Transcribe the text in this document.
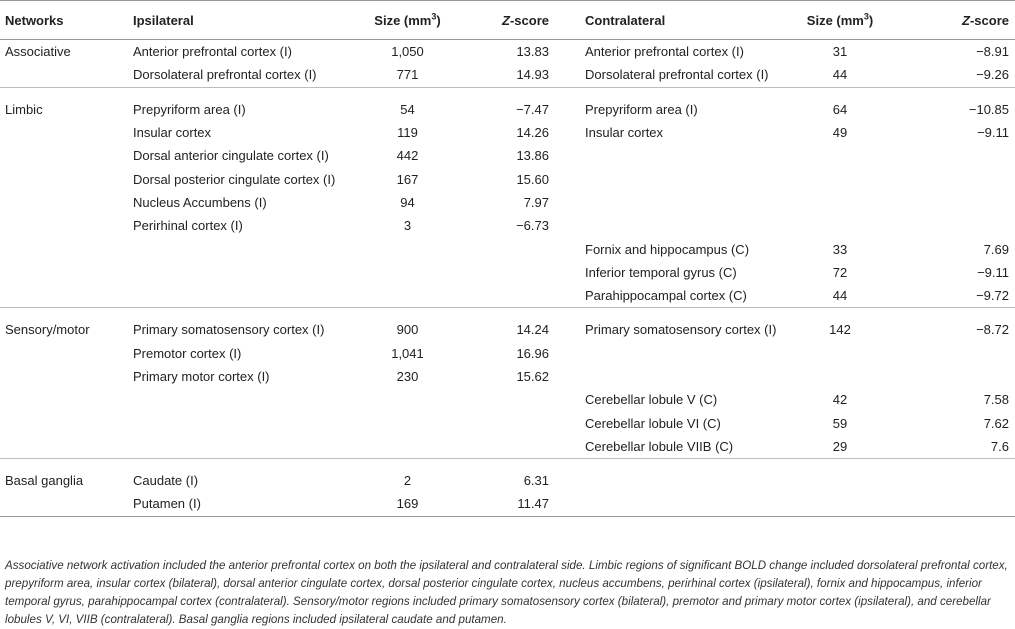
Networks	Ipsilateral	Size $(mm^3)$	Z-score	Contralateral	Size $(mm^3)$	Z-score
Associative	Anterior prefrontal cortex (I)	1,050	13.83	Anterior prefrontal cortex (I)	31	−8.91
	Dorsolateral prefrontal cortex (I)	771	14.93	Dorsolateral prefrontal cortex (I)	44	−9.26
Limbic	Prepyriform area (I)	54	−7.47	Prepyriform area (I)	64	−10.85
	Insular cortex	119	14.26	Insular cortex	49	−9.11
	Dorsal anterior cingulate cortex (I)	442	13.86			
	Dorsal posterior cingulate cortex (I)	167	15.60			
	Nucleus Accumbens (I)	94	7.97			
	Perirhinal cortex (I)	3	−6.73			
				Fornix and hippocampus (C)	33	7.69
				Inferior temporal gyrus (C)	72	−9.11
				Parahippocampal cortex (C)	44	−9.72
Sensory/motor	Primary somatosensory cortex (I)	900	14.24	Primary somatosensory cortex (I)	142	−8.72
	Premotor cortex (I)	1,041	16.96			
	Primary motor cortex (I)	230	15.62			
				Cerebellar lobule V (C)	42	7.58
				Cerebellar lobule VI (C)	59	7.62
				Cerebellar lobule VIIB (C)	29	7.6
Basal ganglia	Caudate (I)	2	6.31			
	Putamen (I)	169	11.47			
Associative network activation included the anterior prefrontal cortex on both the ipsilateral and contralateral side. Limbic regions of significant BOLD change included dorsolateral prefrontal cortex, prepyriform area, insular cortex (bilateral), dorsal anterior cingulate cortex, dorsal posterior cingulate cortex, nucleus accumbens, perirhinal cortex (ipsilateral), fornix and hippocampus, inferior temporal gyrus, parahippocampal cortex (contralateral). Sensory/motor regions included primary somatosensory cortex (bilateral), premotor and primary motor cortex (ipsilateral), and cerebellar lobules V, VI, VIIB (contralateral). Basal ganglia regions included ipsilateral caudate and putamen.
